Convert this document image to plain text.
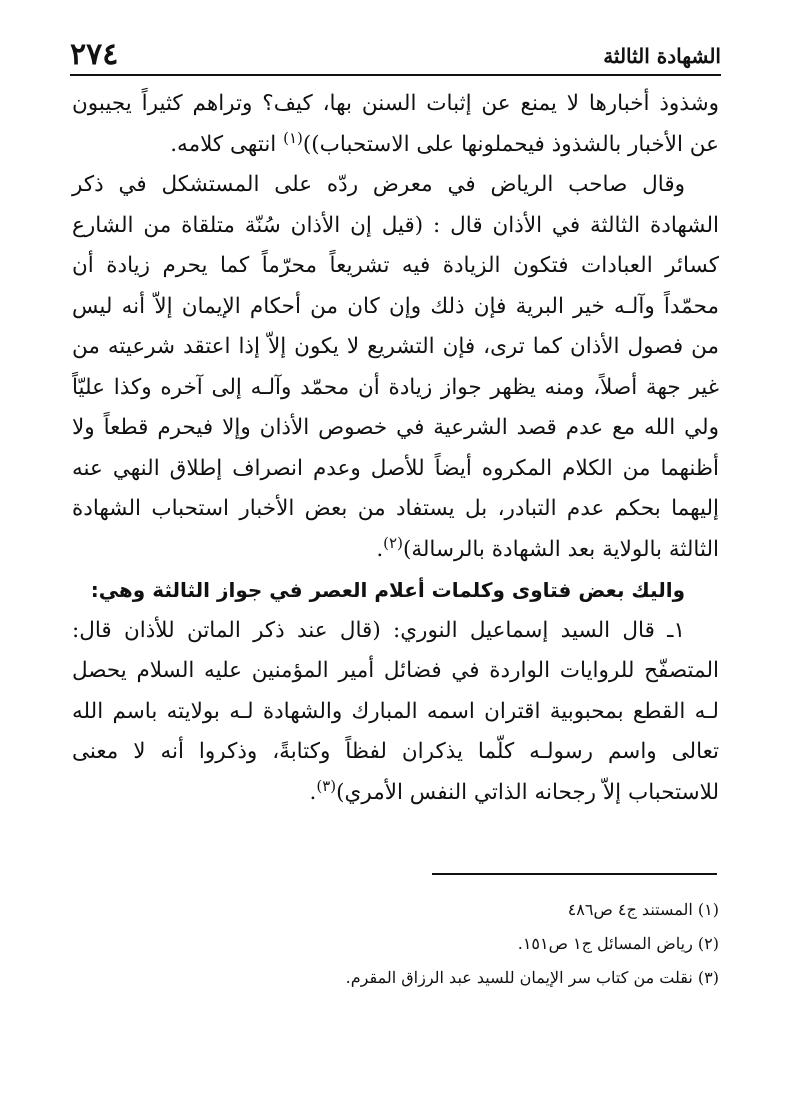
الشهادة الثالثة
٢٧٤

وشذوذ أخبارها لا يمنع عن إثبات السنن بها، كيف؟ وتراهم كثيراً يجيبون عن الأخبار بالشذوذ فيحملونها على الاستحباب))$^{(١)}$ انتهى كلامه.

وقال صاحب الرياض في معرض ردّه على المستشكل في ذكر الشهادة الثالثة في الأذان قال : (قيل إن الأذان سُنّة متلقاة من الشارع كسائر العبادات فتكون الزيادة فيه تشريعاً محرّماً كما يحرم زيادة أن محمّداً وآلـه خير البرية فإن ذلك وإن كان من أحكام الإيمان إلاّ أنه ليس من فصول الأذان كما ترى، فإن التشريع لا يكون إلاّ إذا اعتقد شرعيته من غير جهة أصلاً، ومنه يظهر جواز زيادة أن محمّد وآلـه إلى آخره وكذا عليّاً ولي الله مع عدم قصد الشرعية في خصوص الأذان وإلا فيحرم قطعاً ولا أظنهما من الكلام المكروه أيضاً للأصل وعدم انصراف إطلاق النهي عنه إليهما بحكم عدم التبادر، بل يستفاد من بعض الأخبار استحباب الشهادة الثالثة بالولاية بعد الشهادة بالرسالة)$^{(٢)}$.

واليك بعض فتاوى وكلمات أعلام العصر في جواز الثالثة وهي:

١ـ قال السيد إسماعيل النوري: (قال عند ذكر الماتن للأذان قال: المتصفّح للروايات الواردة في فضائل أمير المؤمنين عليه السلام يحصل لـه القطع بمحبوبية اقتران اسمه المبارك والشهادة لـه بولايته باسم الله تعالى واسم رسولـه كلّما يذكران لفظاً وكتابةً، وذكروا أنه لا معنى للاستحباب إلاّ رجحانه الذاتي النفس الأمري)$^{(٣)}$.

(١) المستند ج٤ ص٤٨٦
(٢) رياض المسائل ج١ ص١٥١.
(٣) نقلت من كتاب سر الإيمان للسيد عبد الرزاق المقرم.
